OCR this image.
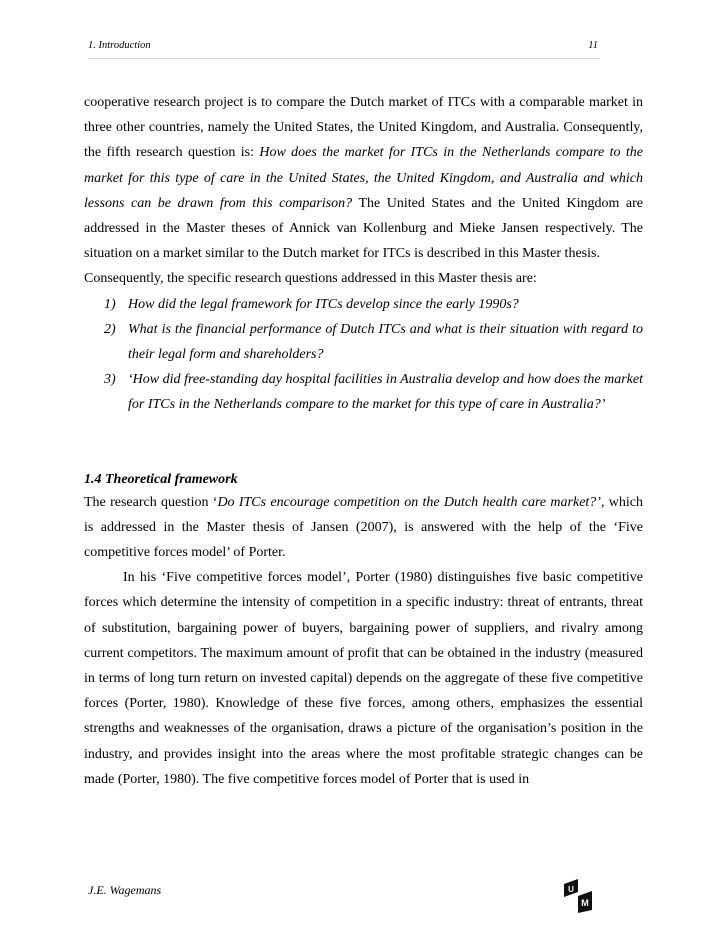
1. Introduction	11

cooperative research project is to compare the Dutch market of ITCs with a comparable market in three other countries, namely the United States, the United Kingdom, and Australia. Consequently, the fifth research question is: How does the market for ITCs in the Netherlands compare to the market for this type of care in the United States, the United Kingdom, and Australia and which lessons can be drawn from this comparison? The United States and the United Kingdom are addressed in the Master theses of Annick van Kollenburg and Mieke Jansen respectively. The situation on a market similar to the Dutch market for ITCs is described in this Master thesis.

Consequently, the specific research questions addressed in this Master thesis are:

1) How did the legal framework for ITCs develop since the early 1990s?
2) What is the financial performance of Dutch ITCs and what is their situation with regard to their legal form and shareholders?
3) ‘How did free-standing day hospital facilities in Australia develop and how does the market for ITCs in the Netherlands compare to the market for this type of care in Australia?’
1.4 Theoretical framework

The research question ‘Do ITCs encourage competition on the Dutch health care market?’, which is addressed in the Master thesis of Jansen (2007), is answered with the help of the ‘Five competitive forces model’ of Porter.

In his ‘Five competitive forces model’, Porter (1980) distinguishes five basic competitive forces which determine the intensity of competition in a specific industry: threat of entrants, threat of substitution, bargaining power of buyers, bargaining power of suppliers, and rivalry among current competitors. The maximum amount of profit that can be obtained in the industry (measured in terms of long turn return on invested capital) depends on the aggregate of these five competitive forces (Porter, 1980). Knowledge of these five forces, among others, emphasizes the essential strengths and weaknesses of the organisation, draws a picture of the organisation’s position in the industry, and provides insight into the areas where the most profitable strategic changes can be made (Porter, 1980). The five competitive forces model of Porter that is used in

J.E. Wagemans	U
M
